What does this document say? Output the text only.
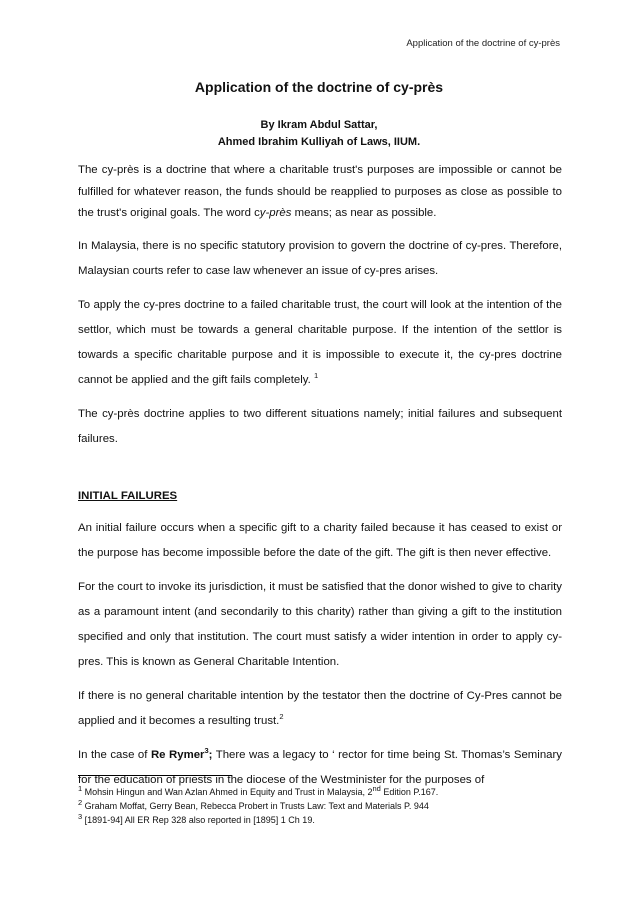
Application of the doctrine of cy-près
Application of the doctrine of cy-près
By Ikram Abdul Sattar,
Ahmed Ibrahim Kulliyah of Laws, IIUM.

The cy-près is a doctrine that where a charitable trust's purposes are impossible or cannot be fulfilled for whatever reason, the funds should be reapplied to purposes as close as possible to the trust's original goals. The word cy-près means; as near as possible.

In Malaysia, there is no specific statutory provision to govern the doctrine of cy-pres. Therefore, Malaysian courts refer to case law whenever an issue of cy-pres arises.

To apply the cy-pres doctrine to a failed charitable trust, the court will look at the intention of the settlor, which must be towards a general charitable purpose. If the intention of the settlor is towards a specific charitable purpose and it is impossible to execute it, the cy-pres doctrine cannot be applied and the gift fails completely. $^1$

The cy-près doctrine applies to two different situations namely; initial failures and subsequent failures.

INITIAL FAILURES

An initial failure occurs when a specific gift to a charity failed because it has ceased to exist or the purpose has become impossible before the date of the gift. The gift is then never effective.

For the court to invoke its jurisdiction, it must be satisfied that the donor wished to give to charity as a paramount intent (and secondarily to this charity) rather than giving a gift to the institution specified and only that institution. The court must satisfy a wider intention in order to apply cy-pres. This is known as General Charitable Intention.

If there is no general charitable intention by the testator then the doctrine of Cy-Pres cannot be applied and it becomes a resulting trust.$^2$

In the case of Re Rymer$^3$; There was a legacy to ‘ rector for time being St. Thomas’s Seminary for the education of priests in the diocese of the Westminister for the purposes of

$^1$ Mohsin Hingun and Wan Azlan Ahmed in Equity and Trust in Malaysia, 2nd Edition P.167.
$^2$ Graham Moffat, Gerry Bean, Rebecca Probert in Trusts Law: Text and Materials P. 944
$^3$ [1891-94] All ER Rep 328 also reported in [1895] 1 Ch 19.
